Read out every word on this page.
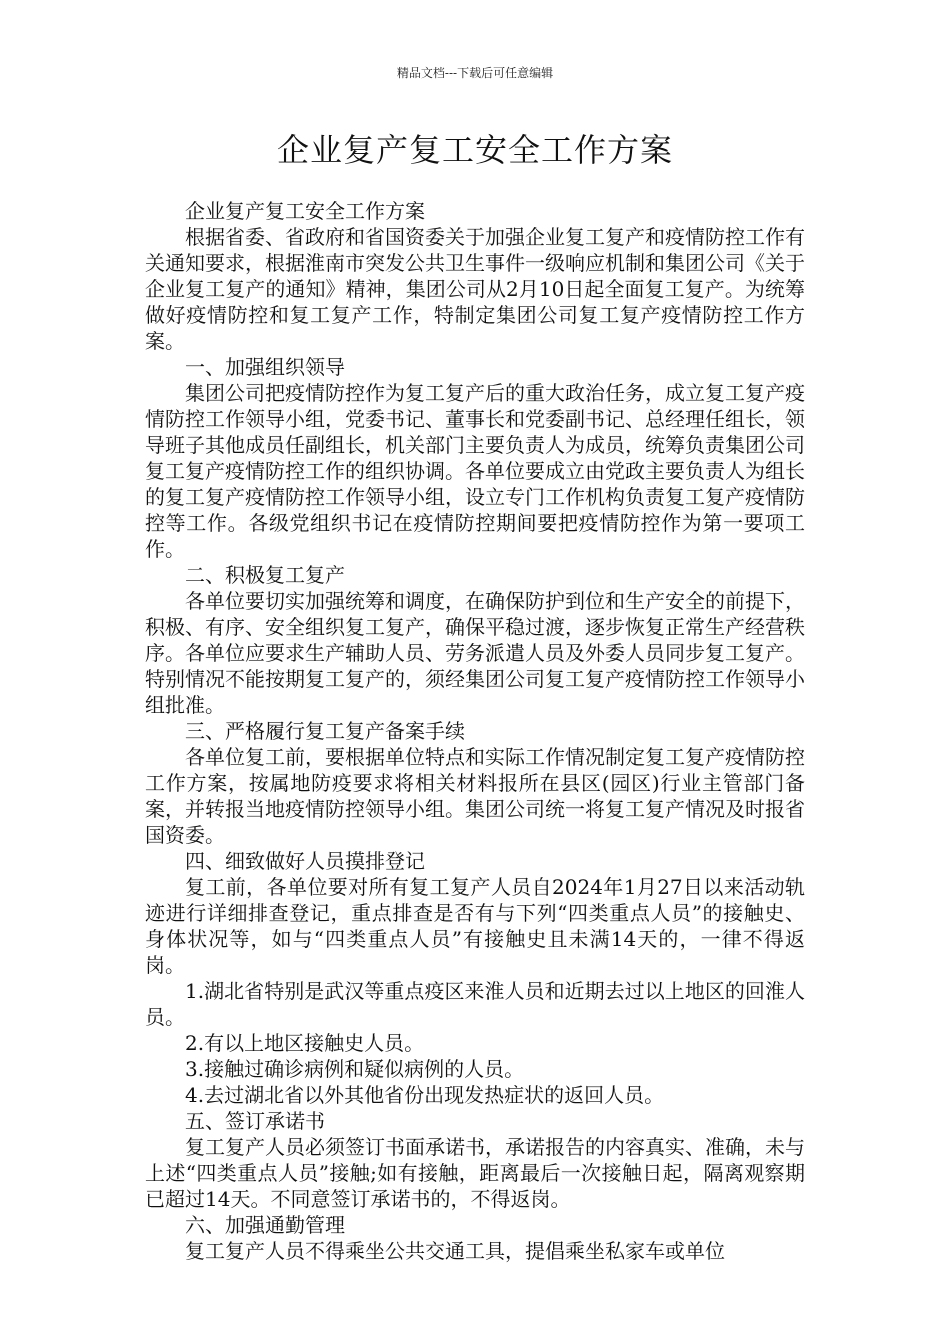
精品文档---下载后可任意编辑
企业复产复工安全工作方案

企业复产复工安全工作方案

根据省委、省政府和省国资委关于加强企业复工复产和疫情防控工作有关通知要求，根据淮南市突发公共卫生事件一级响应机制和集团公司《关于企业复工复产的通知》精神，集团公司从2月10日起全面复工复产。为统筹做好疫情防控和复工复产工作，特制定集团公司复工复产疫情防控工作方案。

一、加强组织领导

集团公司把疫情防控作为复工复产后的重大政治任务，成立复工复产疫情防控工作领导小组，党委书记、董事长和党委副书记、总经理任组长，领导班子其他成员任副组长，机关部门主要负责人为成员，统筹负责集团公司复工复产疫情防控工作的组织协调。各单位要成立由党政主要负责人为组长的复工复产疫情防控工作领导小组，设立专门工作机构负责复工复产疫情防控等工作。各级党组织书记在疫情防控期间要把疫情防控作为第一要项工作。

二、积极复工复产

各单位要切实加强统筹和调度，在确保防护到位和生产安全的前提下，积极、有序、安全组织复工复产，确保平稳过渡，逐步恢复正常生产经营秩序。各单位应要求生产辅助人员、劳务派遣人员及外委人员同步复工复产。特别情况不能按期复工复产的，须经集团公司复工复产疫情防控工作领导小组批准。

三、严格履行复工复产备案手续

各单位复工前，要根据单位特点和实际工作情况制定复工复产疫情防控工作方案，按属地防疫要求将相关材料报所在县区(园区)行业主管部门备案，并转报当地疫情防控领导小组。集团公司统一将复工复产情况及时报省国资委。

四、细致做好人员摸排登记

复工前，各单位要对所有复工复产人员自2024年1月27日以来活动轨迹进行详细排查登记，重点排查是否有与下列“四类重点人员”的接触史、身体状况等，如与“四类重点人员”有接触史且未满14天的，一律不得返岗。

1.湖北省特别是武汉等重点疫区来淮人员和近期去过以上地区的回淮人员。

2.有以上地区接触史人员。

3.接触过确诊病例和疑似病例的人员。

4.去过湖北省以外其他省份出现发热症状的返回人员。

五、签订承诺书

复工复产人员必须签订书面承诺书，承诺报告的内容真实、准确，未与上述“四类重点人员”接触;如有接触，距离最后一次接触日起，隔离观察期已超过14天。不同意签订承诺书的，不得返岗。

六、加强通勤管理

复工复产人员不得乘坐公共交通工具，提倡乘坐私家车或单位
